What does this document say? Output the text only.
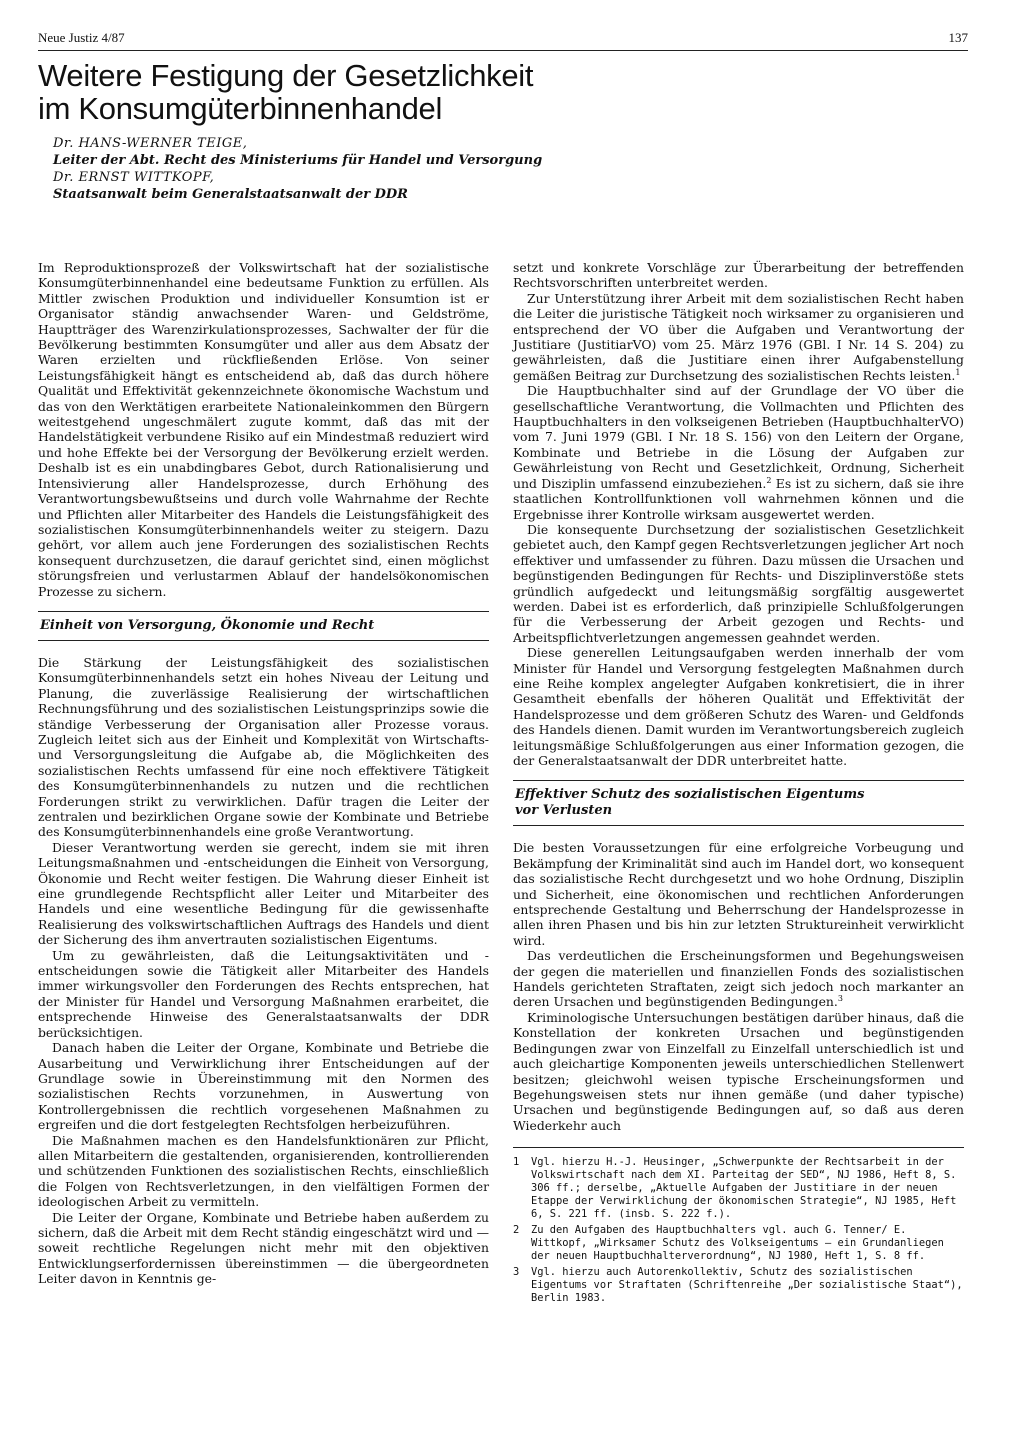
Neue Justiz 4/87	137
Weitere Festigung der Gesetzlichkeit
im Konsumgüterbinnenhandel
Dr. HANS-WERNER TEIGE,
Leiter der Abt. Recht des Ministeriums für Handel und Versorgung
Dr. ERNST WITTKOPF,
Staatsanwalt beim Generalstaatsanwalt der DDR

Im Reproduktionsprozeß der Volkswirtschaft hat der sozialistische Konsumgüterbinnenhandel eine bedeutsame Funktion zu erfüllen. Als Mittler zwischen Produktion und individueller Konsumtion ist er Organisator ständig anwachsender Waren- und Geldströme, Hauptträger des Warenzirkulationsprozesses, Sachwalter der für die Bevölkerung bestimmten Konsumgüter und aller aus dem Absatz der Waren erzielten und rückfließenden Erlöse. Von seiner Leistungsfähigkeit hängt es entscheidend ab, daß das durch höhere Qualität und Effektivität gekennzeichnete ökonomische Wachstum und das von den Werktätigen erarbeitete Nationaleinkommen den Bürgern weitestgehend ungeschmälert zugute kommt, daß das mit der Handelstätigkeit verbundene Risiko auf ein Mindestmaß reduziert wird und hohe Effekte bei der Versorgung der Bevölkerung erzielt werden. Deshalb ist es ein unabdingbares Gebot, durch Rationalisierung und Intensivierung aller Handelsprozesse, durch Erhöhung des Verantwortungsbewußtseins und durch volle Wahrnahme der Rechte und Pflichten aller Mitarbeiter des Handels die Leistungsfähigkeit des sozialistischen Konsumgüterbinnenhandels weiter zu steigern. Dazu gehört, vor allem auch jene Forderungen des sozialistischen Rechts konsequent durchzusetzen, die darauf gerichtet sind, einen möglichst störungsfreien und verlustarmen Ablauf der handelsökonomischen Prozesse zu sichern.

Einheit von Versorgung, Ökonomie und Recht

Die Stärkung der Leistungsfähigkeit des sozialistischen Konsumgüterbinnenhandels setzt ein hohes Niveau der Leitung und Planung, die zuverlässige Realisierung der wirtschaftlichen Rechnungsführung und des sozialistischen Leistungsprinzips sowie die ständige Verbesserung der Organisation aller Prozesse voraus. Zugleich leitet sich aus der Einheit und Komplexität von Wirtschafts- und Versorgungsleitung die Aufgabe ab, die Möglichkeiten des sozialistischen Rechts umfassend für eine noch effektivere Tätigkeit des Konsumgüterbinnenhandels zu nutzen und die rechtlichen Forderungen strikt zu verwirklichen. Dafür tragen die Leiter der zentralen und bezirklichen Organe sowie der Kombinate und Betriebe des Konsumgüterbinnenhandels eine große Verantwortung.

Dieser Verantwortung werden sie gerecht, indem sie mit ihren Leitungsmaßnahmen und -entscheidungen die Einheit von Versorgung, Ökonomie und Recht weiter festigen. Die Wahrung dieser Einheit ist eine grundlegende Rechtspflicht aller Leiter und Mitarbeiter des Handels und eine wesentliche Bedingung für die gewissenhafte Realisierung des volkswirtschaftlichen Auftrags des Handels und dient der Sicherung des ihm anvertrauten sozialistischen Eigentums.

Um zu gewährleisten, daß die Leitungsaktivitäten und -entscheidungen sowie die Tätigkeit aller Mitarbeiter des Handels immer wirkungsvoller den Forderungen des Rechts entsprechen, hat der Minister für Handel und Versorgung Maßnahmen erarbeitet, die entsprechende Hinweise des Generalstaatsanwalts der DDR berücksichtigen.

Danach haben die Leiter der Organe, Kombinate und Betriebe die Ausarbeitung und Verwirklichung ihrer Entscheidungen auf der Grundlage sowie in Übereinstimmung mit den Normen des sozialistischen Rechts vorzunehmen, in Auswertung von Kontrollergebnissen die rechtlich vorgesehenen Maßnahmen zu ergreifen und die dort festgelegten Rechtsfolgen herbeizuführen.

Die Maßnahmen machen es den Handelsfunktionären zur Pflicht, allen Mitarbeitern die gestaltenden, organisierenden, kontrollierenden und schützenden Funktionen des sozialistischen Rechts, einschließlich die Folgen von Rechtsverletzungen, in den vielfältigen Formen der ideologischen Arbeit zu vermitteln.

Die Leiter der Organe, Kombinate und Betriebe haben außerdem zu sichern, daß die Arbeit mit dem Recht ständig eingeschätzt wird und — soweit rechtliche Regelungen nicht mehr mit den objektiven Entwicklungserfordernissen übereinstimmen — die übergeordneten Leiter davon in Kenntnis ge-

setzt und konkrete Vorschläge zur Überarbeitung der betreffenden Rechtsvorschriften unterbreitet werden.

Zur Unterstützung ihrer Arbeit mit dem sozialistischen Recht haben die Leiter die juristische Tätigkeit noch wirksamer zu organisieren und entsprechend der VO über die Aufgaben und Verantwortung der Justitiare (JustitiarVO) vom 25. März 1976 (GBl. I Nr. 14 S. 204) zu gewährleisten, daß die Justitiare einen ihrer Aufgabenstellung gemäßen Beitrag zur Durchsetzung des sozialistischen Rechts leisten.$^1$

Die Hauptbuchhalter sind auf der Grundlage der VO über die gesellschaftliche Verantwortung, die Vollmachten und Pflichten des Hauptbuchhalters in den volkseigenen Betrieben (HauptbuchhalterVO) vom 7. Juni 1979 (GBl. I Nr. 18 S. 156) von den Leitern der Organe, Kombinate und Betriebe in die Lösung der Aufgaben zur Gewährleistung von Recht und Gesetzlichkeit, Ordnung, Sicherheit und Disziplin umfassend einzubeziehen.$^2$ Es ist zu sichern, daß sie ihre staatlichen Kontrollfunktionen voll wahrnehmen können und die Ergebnisse ihrer Kontrolle wirksam ausgewertet werden.

Die konsequente Durchsetzung der sozialistischen Gesetzlichkeit gebietet auch, den Kampf gegen Rechtsverletzungen jeglicher Art noch effektiver und umfassender zu führen. Dazu müssen die Ursachen und begünstigenden Bedingungen für Rechts- und Disziplinverstöße stets gründlich aufgedeckt und leitungsmäßig sorgfältig ausgewertet werden. Dabei ist es erforderlich, daß prinzipielle Schlußfolgerungen für die Verbesserung der Arbeit gezogen und Rechts- und Arbeitspflichtverletzungen angemessen geahndet werden.

Diese generellen Leitungsaufgaben werden innerhalb der vom Minister für Handel und Versorgung festgelegten Maßnahmen durch eine Reihe komplex angelegter Aufgaben konkretisiert, die in ihrer Gesamtheit ebenfalls der höheren Qualität und Effektivität der Handelsprozesse und dem größeren Schutz des Waren- und Geldfonds des Handels dienen. Damit wurden im Verantwortungsbereich zugleich leitungsmäßige Schlußfolgerungen aus einer Information gezogen, die der Generalstaatsanwalt der DDR unterbreitet hatte.

Effektiver Schutz des sozialistischen Eigentums
vor Verlusten

Die besten Voraussetzungen für eine erfolgreiche Vorbeugung und Bekämpfung der Kriminalität sind auch im Handel dort, wo konsequent das sozialistische Recht durchgesetzt und wo hohe Ordnung, Disziplin und Sicherheit, eine ökonomischen und rechtlichen Anforderungen entsprechende Gestaltung und Beherrschung der Handelsprozesse in allen ihren Phasen und bis hin zur letzten Struktureinheit verwirklicht wird.

Das verdeutlichen die Erscheinungsformen und Begehungsweisen der gegen die materiellen und finanziellen Fonds des sozialistischen Handels gerichteten Straftaten, zeigt sich jedoch noch markanter an deren Ursachen und begünstigenden Bedingungen.$^3$

Kriminologische Untersuchungen bestätigen darüber hinaus, daß die Konstellation der konkreten Ursachen und begünstigenden Bedingungen zwar von Einzelfall zu Einzelfall unterschiedlich ist und auch gleichartige Komponenten jeweils unterschiedlichen Stellenwert besitzen; gleichwohl weisen typische Erscheinungsformen und Begehungsweisen stets nur ihnen gemäße (und daher typische) Ursachen und begünstigende Bedingungen auf, so daß aus deren Wiederkehr auch

1	Vgl. hierzu H.-J. Heusinger, „Schwerpunkte der Rechtsarbeit in der Volkswirtschaft nach dem XI. Parteitag der SED“, NJ 1986, Heft 8, S. 306 ff.; derselbe, „Aktuelle Aufgaben der Justitiare in der neuen Etappe der Verwirklichung der ökonomischen Strategie“, NJ 1985, Heft 6, S. 221 ff. (insb. S. 222 f.).
2	Zu den Aufgaben des Hauptbuchhalters vgl. auch G. Tenner/ E. Wittkopf, „Wirksamer Schutz des Volkseigentums — ein Grundanliegen der neuen Hauptbuchhalterverordnung“, NJ 1980, Heft 1, S. 8 ff.
3	Vgl. hierzu auch Autorenkollektiv, Schutz des sozialistischen Eigentums vor Straftaten (Schriftenreihe „Der sozialistische Staat“), Berlin 1983.
